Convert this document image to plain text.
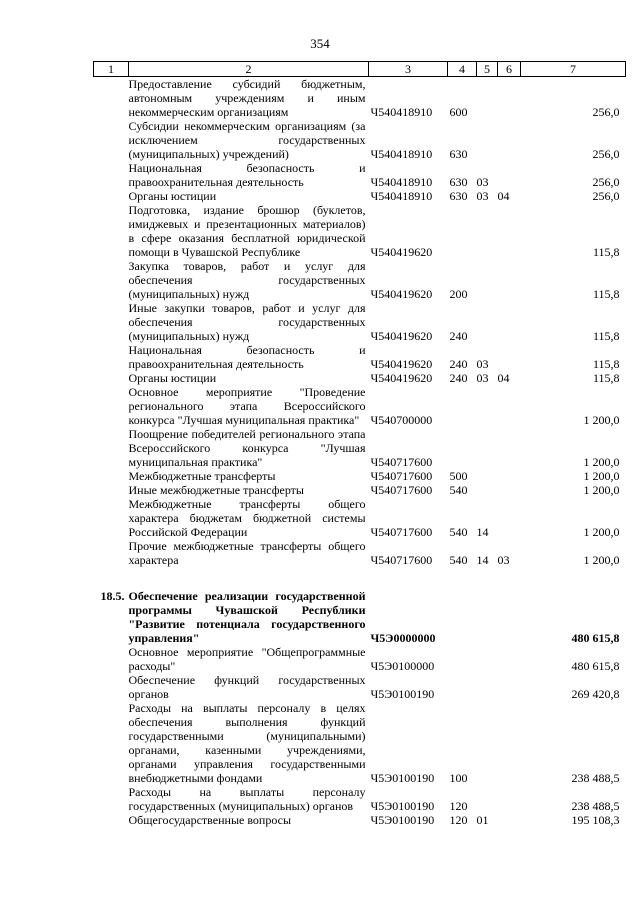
354
1	2	3	4	5	6	7
	Предоставление субсидий бюджетным, автономным учреждениям и иным некоммерческим организациям	Ч540418910	600			256,0
	Субсидии некоммерческим организациям (за исключением государственных (муниципальных) учреждений)	Ч540418910	630			256,0
	Национальная безопасность и правоохранительная деятельность	Ч540418910	630	03		256,0
	Органы юстиции	Ч540418910	630	03	04	256,0
	Подготовка, издание брошюр (буклетов, имиджевых и презентационных материалов) в сфере оказания бесплатной юридической помощи в Чувашской Республике	Ч540419620				115,8
	Закупка товаров, работ и услуг для обеспечения государственных (муниципальных) нужд	Ч540419620	200			115,8
	Иные закупки товаров, работ и услуг для обеспечения государственных (муниципальных) нужд	Ч540419620	240			115,8
	Национальная безопасность и правоохранительная деятельность	Ч540419620	240	03		115,8
	Органы юстиции	Ч540419620	240	03	04	115,8
	Основное мероприятие "Проведение регионального этапа Всероссийского конкурса "Лучшая муниципальная практика"	Ч540700000				1 200,0
	Поощрение победителей регионального этапа Всероссийского конкурса "Лучшая муниципальная практика"	Ч540717600				1 200,0
	Межбюджетные трансферты	Ч540717600	500			1 200,0
	Иные межбюджетные трансферты	Ч540717600	540			1 200,0
	Межбюджетные трансферты общего характера бюджетам бюджетной системы Российской Федерации	Ч540717600	540	14		1 200,0
	Прочие межбюджетные трансферты общего характера	Ч540717600	540	14	03	1 200,0

18.5.	Обеспечение реализации государственной программы Чувашской Республики "Развитие потенциала государственного управления"	Ч5Э0000000				480 615,8
	Основное мероприятие "Общепрограммные расходы"	Ч5Э0100000				480 615,8
	Обеспечение функций государственных органов	Ч5Э0100190				269 420,8
	Расходы на выплаты персоналу в целях обеспечения выполнения функций государственными (муниципальными) органами, казенными учреждениями, органами управления государственными внебюджетными фондами	Ч5Э0100190	100			238 488,5
	Расходы на выплаты персоналу государственных (муниципальных) органов	Ч5Э0100190	120			238 488,5
	Общегосударственные вопросы	Ч5Э0100190	120	01		195 108,3
